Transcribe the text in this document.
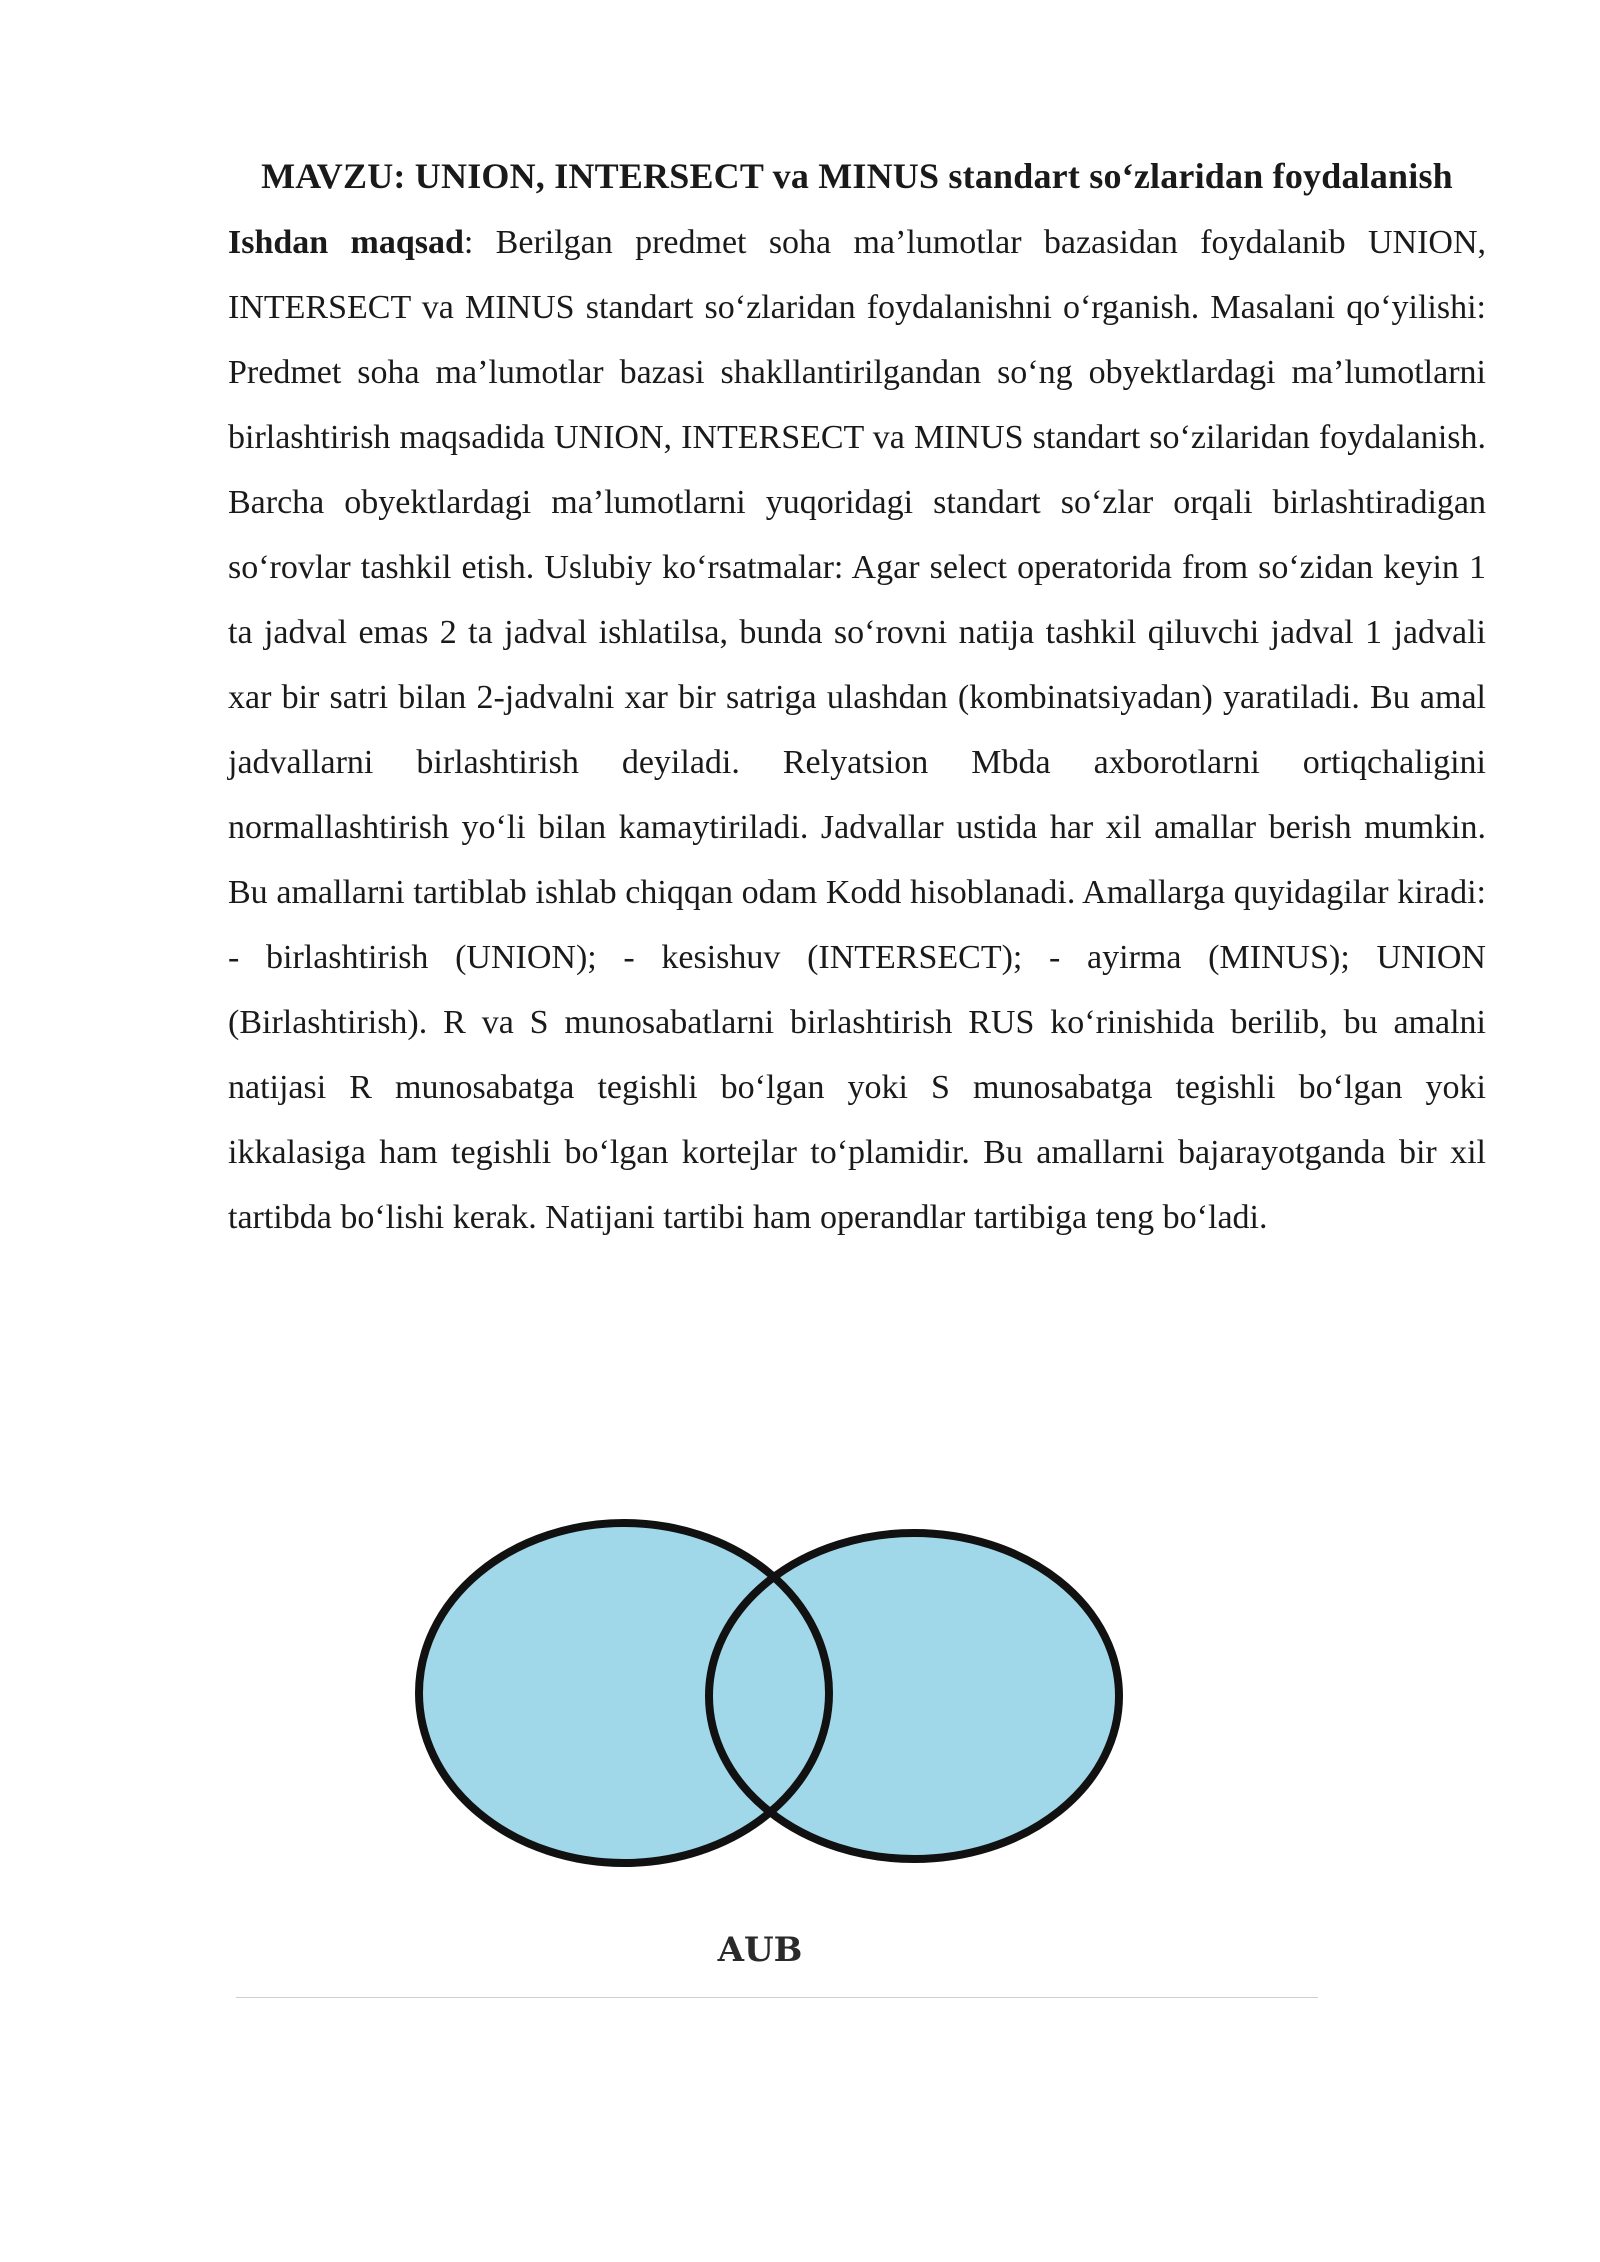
MAVZU: UNION, INTERSECT va MINUS standart so‘zlaridan foydalanish

Ishdan maqsad: Berilgan predmet soha ma’lumotlar bazasidan foydalanib UNION, INTERSECT va MINUS standart so‘zlaridan foydalanishni o‘rganish. Masalani qo‘yilishi: Predmet soha ma’lumotlar bazasi shakllantirilgandan so‘ng obyektlardagi ma’lumotlarni birlashtirish maqsadida UNION, INTERSECT va MINUS standart so‘zilaridan foydalanish. Barcha obyektlardagi ma’lumotlarni yuqoridagi standart so‘zlar orqali birlashtiradigan so‘rovlar tashkil etish. Uslubiy ko‘rsatmalar: Agar select operatorida from so‘zidan keyin 1 ta jadval emas 2 ta jadval ishlatilsa, bunda so‘rovni natija tashkil qiluvchi jadval 1 jadvali xar bir satri bilan 2-jadvalni xar bir satriga ulashdan (kombinatsiyadan) yaratiladi. Bu amal jadvallarni birlashtirish deyiladi. Relyatsion Mbda axborotlarni ortiqchaligini normallashtirish yo‘li bilan kamaytiriladi. Jadvallar ustida har xil amallar berish mumkin. Bu amallarni tartiblab ishlab chiqqan odam Kodd hisoblanadi. Amallarga quyidagilar kiradi: - birlashtirish (UNION); - kesishuv (INTERSECT); - ayirma (MINUS); UNION (Birlashtirish). R va S munosabatlarni birlashtirish RUS ko‘rinishida berilib, bu amalni natijasi R munosabatga tegishli bo‘lgan yoki S munosabatga tegishli bo‘lgan yoki ikkalasiga ham tegishli bo‘lgan kortejlar to‘plamidir. Bu amallarni bajarayotganda bir xil tartibda bo‘lishi kerak. Natijani tartibi ham operandlar tartibiga teng bo‘ladi.

AUB
